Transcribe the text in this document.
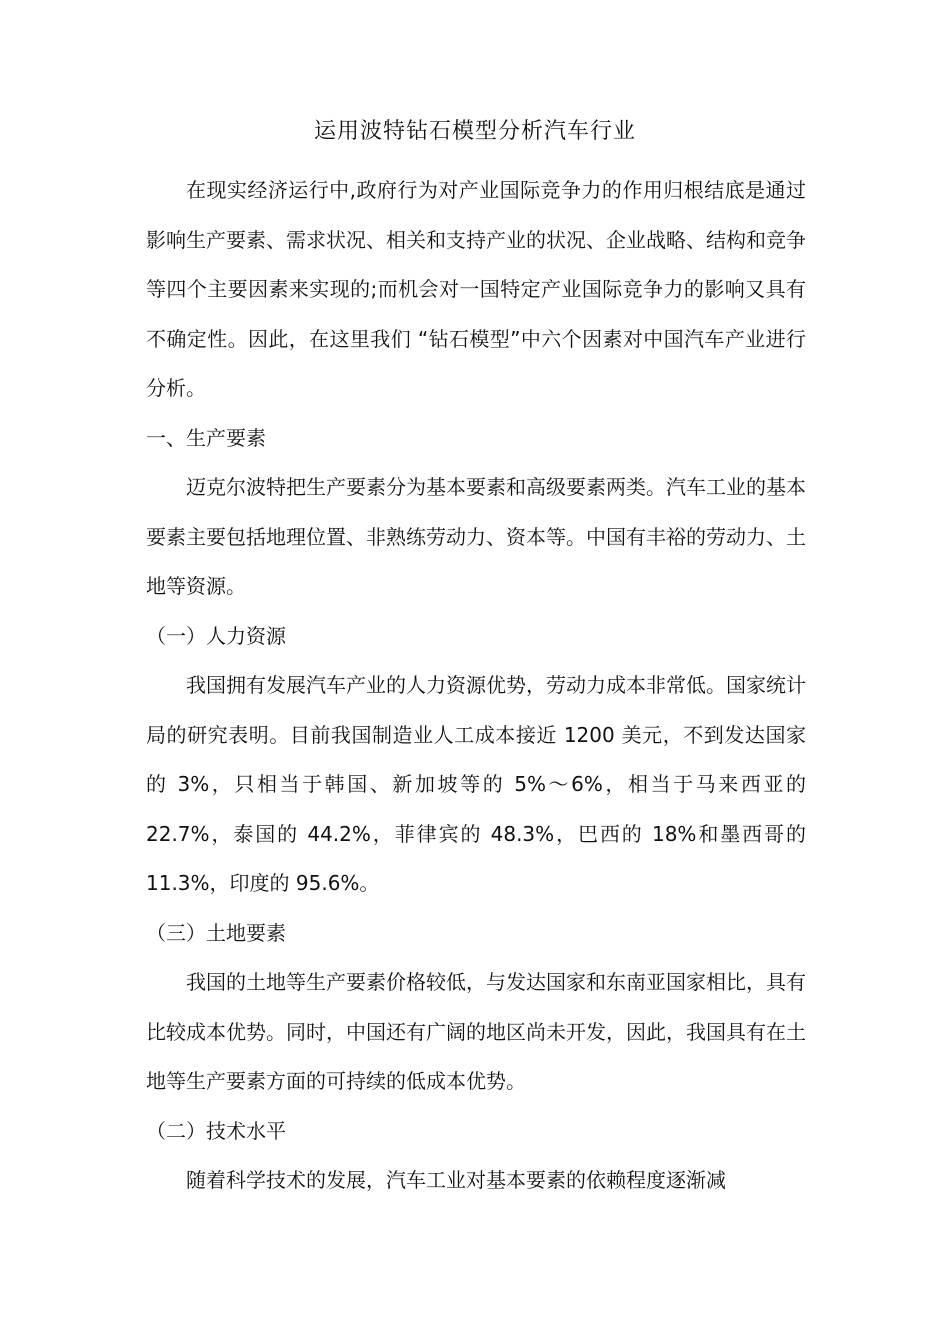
运用波特钻石模型分析汽车行业

在现实经济运行中,政府行为对产业国际竞争力的作用归根结底是通过影响生产要素、需求状况、相关和支持产业的状况、企业战略、结构和竞争等四个主要因素来实现的;而机会对一国特定产业国际竞争力的影响又具有不确定性。因此，在这里我们 “钻石模型”中六个因素对中国汽车产业进行分析。

一、生产要素

迈克尔波特把生产要素分为基本要素和高级要素两类。汽车工业的基本要素主要包括地理位置、非熟练劳动力、资本等。中国有丰裕的劳动力、土地等资源。

（一）人力资源

我国拥有发展汽车产业的人力资源优势，劳动力成本非常低。国家统计局的研究表明。目前我国制造业人工成本接近 1200 美元，不到发达国家的 3%，只相当于韩国、新加坡等的 5%～6%，相当于马来西亚的 22.7%，泰国的 44.2%，菲律宾的 48.3%，巴西的 18%和墨西哥的 11.3%，印度的 95.6%。

（三）土地要素

我国的土地等生产要素价格较低，与发达国家和东南亚国家相比，具有比较成本优势。同时，中国还有广阔的地区尚未开发，因此，我国具有在土地等生产要素方面的可持续的低成本优势。

（二）技术水平

随着科学技术的发展，汽车工业对基本要素的依赖程度逐渐减
